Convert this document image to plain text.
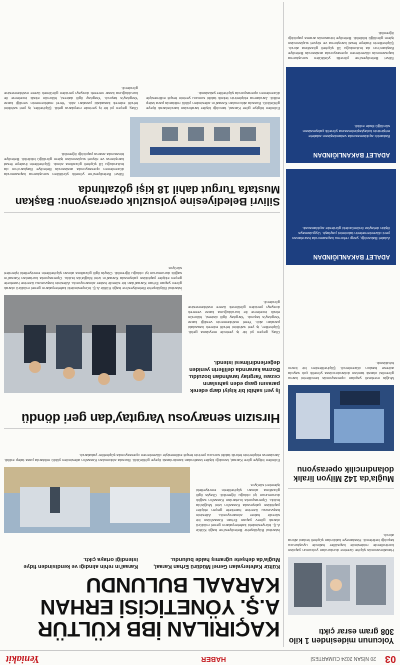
03
20 NİSAN 2024 CUMARTESİ
HABER
Yeniakit
Yolcunun midesinden 1 kilo 308 gram esrar çıktı
Havalimanında şüphe üzerine durdurulan yolcunun yapılan kontrollerde midesinde kapsüller halinde uyuşturucu taşıdığı belirlendi. Hastaneye kaldırılan şüpheli tedavi altına alındı.
Muğla'da 142 Milyon liralık dolandırıcılık operasyonu
Muğla merkezli yapılan operasyonda kendilerini kamu görevlisi olarak tanıtan dolandırıcılara yönelik çok sayıda adrese baskın düzenlendi. Şüphelilerden bir kısmı tutuklandı.
ADALET BAKANLIĞINDAN
Adalet Bakanlığı, yargı reformu kapsamında hazırlanan yeni düzenlemelerin takvimini paylaştı. Uygulamaya ilişkin detaylar önümüzdeki günlerde açıklanacak.
ADALET BAKANLIĞINDAN
Bakanlık açıklamasında vatandaşların adalete erişiminin kolaylaştırılmasına yönelik çalışmaların sürdüğü ifade edildi.
Silivri Belediyesi'ne yönelik yürütülen soruşturma kapsamında düzenlenen operasyonda aralarında Belediye Başkanı'nın da bulunduğu 18 şüpheli gözaltına alındı. Şüphelilerin ihaleye fesat karıştırma ve rüşvet suçlarından işlem gördüğü bildirildi. Belediye binasında arama yapıldığı öğrenildi.
KAÇIRILAN İBB KÜLTÜR A.Ş. YÖNETİCİSİ ERHAN KARAAL BULUNDU
Kültür Kafeteryaları Genel Müdürü Erhan Karaal, Muğla'da dehşete uğramış halde bulundu.
Karaal'ın rehin alındığı ve kendisinden fidye istendiği ortaya çıktı.
İstanbul Büyükşehir Belediyesi'ne bağlı Kültür A.Ş. bünyesindeki kafeteryaların genel müdürü olarak görev yapan Erhan Karaal'dan bir süredir haber alınamıyordu. Ailesinin başvurusu üzerine harekete geçen ekipler yaptıkları çalışmada Karaal'ın izini Muğla'da buldu. Operasyonla kurtarılan Karaal'ın sağlık durumunun iyi olduğu öğrenildi. Olayla ilgili gözaltına alınan şüphelilerin emniyetteki işlemleri sürüyor.
Edinilen bilgiye göre Karaal, tanıdığı kişiler tarafından kandırılarak ilçeye götürüldü. Burada alıkonulan Karaal'ın ailesinden yüklü miktarda para talep edildi. Jandarma ekiplerinin teknik takibi sonucu yerinin tespit edilmesiyle düzenlenen operasyonda şüpheliler yakalandı.
Hırsızın senaryosu Vargıtay'dan geri döndü
İş yeri sahibi bir kişiyi darp ederek parasını gasp eden şahısların cezası Yargıtay tarafından bozuldu. Bozma kararında delillerin yeniden değerlendirilmesi istendi.
Olay, geçen yıl bir iş yerinde meydana geldi. Şüpheliler, iş yeri sahibini tehdit ederek kasadaki paraları aldı. Yerel mahkemenin verdiği karar Yargıtay'a taşındı. Yargıtay ilgili dairesi, hükmün eksik inceleme ile kurulduğuna karar vererek dosyayı yeniden görülmek üzere mahkemesine gönderdi.
İstanbul Büyükşehir Belediyesi'ne bağlı Kültür A.Ş. bünyesindeki kafeteryaların genel müdürü olarak görev yapan Erhan Karaal'dan bir süredir haber alınamıyordu. Ailesinin başvurusu üzerine harekete geçen ekipler yaptıkları çalışmada Karaal'ın izini Muğla'da buldu. Operasyonla kurtarılan Karaal'ın sağlık durumunun iyi olduğu öğrenildi. Olayla ilgili gözaltına alınan şüphelilerin emniyetteki işlemleri sürüyor.
Silivri Belediyesine yolsuzluk operasyonu: Başkan Mustafa Turgut dahil 18 kişi gözaltında
Silivri Belediyesi'ne yönelik yürütülen soruşturma kapsamında düzenlenen operasyonda aralarında Belediye Başkanı'nın da bulunduğu 18 şüpheli gözaltına alındı. Şüphelilerin ihaleye fesat karıştırma ve rüşvet suçlarından işlem gördüğü bildirildi. Belediye binasında arama yapıldığı öğrenildi.
Edinilen bilgiye göre Karaal, tanıdığı kişiler tarafından kandırılarak ilçeye götürüldü. Burada alıkonulan Karaal'ın ailesinden yüklü miktarda para talep edildi. Jandarma ekiplerinin teknik takibi sonucu yerinin tespit edilmesiyle düzenlenen operasyonda şüpheliler yakalandı.
Olay, geçen yıl bir iş yerinde meydana geldi. Şüpheliler, iş yeri sahibini tehdit ederek kasadaki paraları aldı. Yerel mahkemenin verdiği karar Yargıtay'a taşındı. Yargıtay ilgili dairesi, hükmün eksik inceleme ile kurulduğuna karar vererek dosyayı yeniden görülmek üzere mahkemesine gönderdi.
